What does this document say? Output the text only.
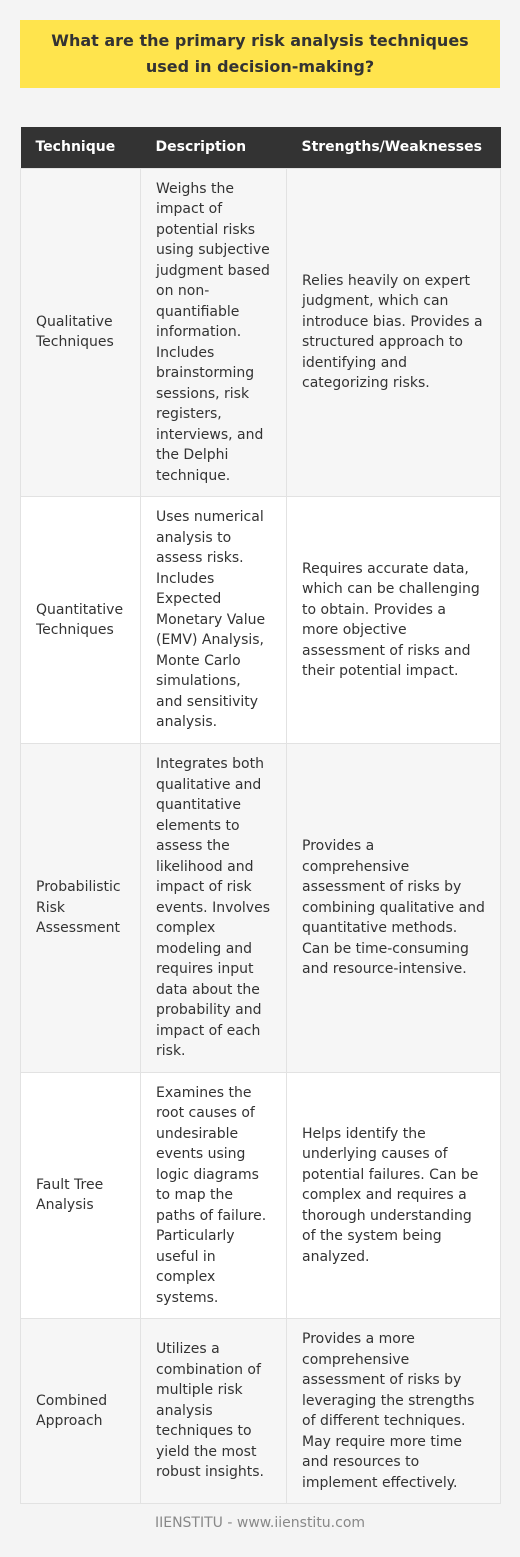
What are the primary risk analysis techniques used in decision-making?
Technique	Description	Strengths/Weaknesses
Qualitative Techniques	Weighs the impact of potential risks using subjective judgment based on non-quantifiable information. Includes brainstorming sessions, risk registers, interviews, and the Delphi technique.	Relies heavily on expert judgment, which can introduce bias. Provides a structured approach to identifying and categorizing risks.
Quantitative Techniques	Uses numerical analysis to assess risks. Includes Expected Monetary Value (EMV) Analysis, Monte Carlo simulations, and sensitivity analysis.	Requires accurate data, which can be challenging to obtain. Provides a more objective assessment of risks and their potential impact.
Probabilistic Risk Assessment	Integrates both qualitative and quantitative elements to assess the likelihood and impact of risk events. Involves complex modeling and requires input data about the probability and impact of each risk.	Provides a comprehensive assessment of risks by combining qualitative and quantitative methods. Can be time-consuming and resource-intensive.
Fault Tree Analysis	Examines the root causes of undesirable events using logic diagrams to map the paths of failure. Particularly useful in complex systems.	Helps identify the underlying causes of potential failures. Can be complex and requires a thorough understanding of the system being analyzed.
Combined Approach	Utilizes a combination of multiple risk analysis techniques to yield the most robust insights.	Provides a more comprehensive assessment of risks by leveraging the strengths of different techniques. May require more time and resources to implement effectively.
IIENSTITU - www.iienstitu.com
